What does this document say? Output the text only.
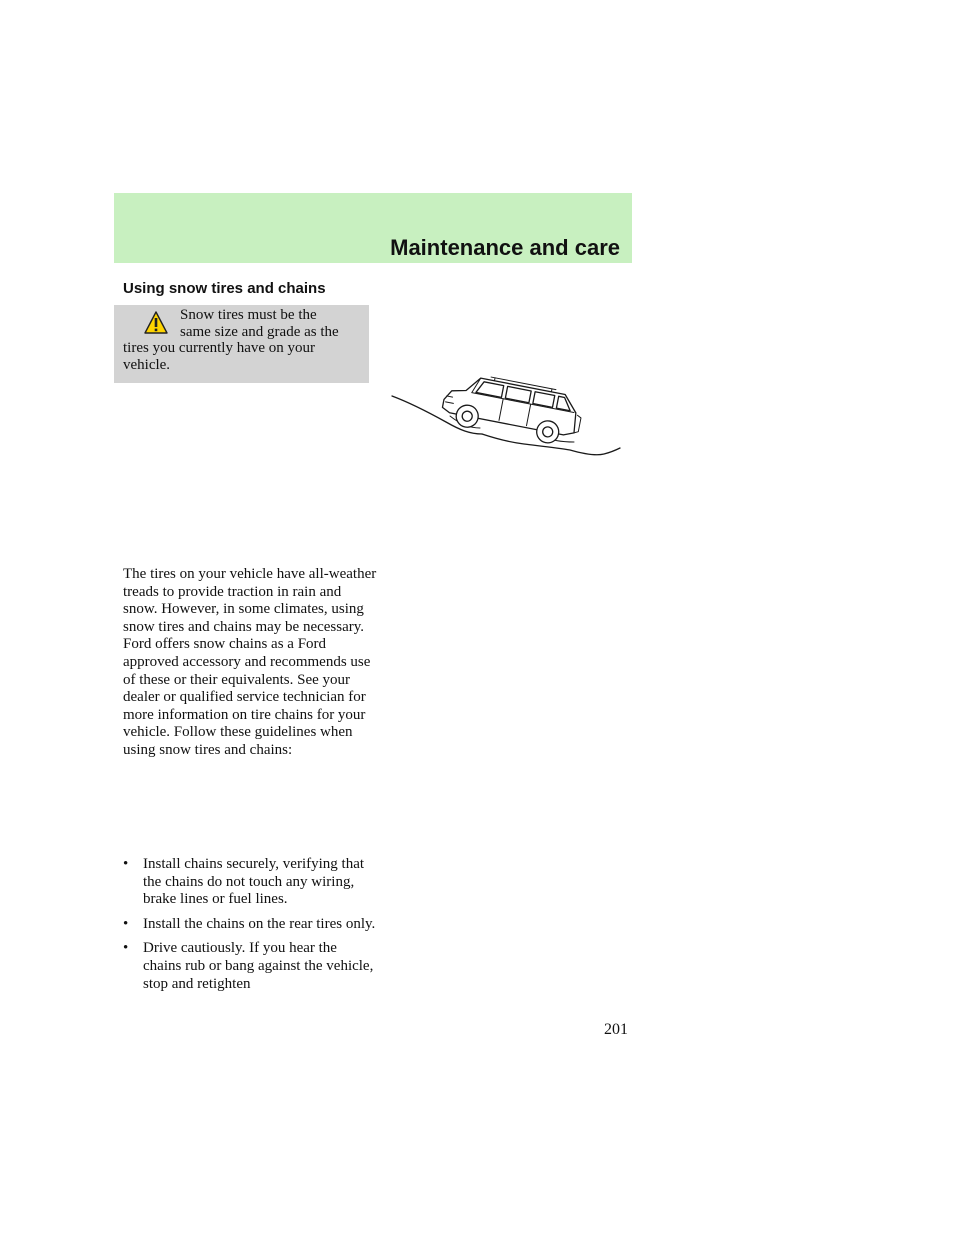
Maintenance and care
Using snow tires and chains
Snow tires must be the
same size and grade as the
tires you currently have on your
vehicle.

The tires on your vehicle have all-weather treads to provide traction in rain and snow. However, in some climates, using snow tires and chains may be necessary. Ford offers snow chains as a Ford approved accessory and recommends use of these or their equivalents. See your dealer or qualified service technician for more information on tire chains for your vehicle. Follow these guidelines when using snow tires and chains:

• Install chains securely, verifying that the chains do not touch any wiring, brake lines or fuel lines.
• Install the chains on the rear tires only.
• Drive cautiously. If you hear the chains rub or bang against the vehicle, stop and retighten
201
